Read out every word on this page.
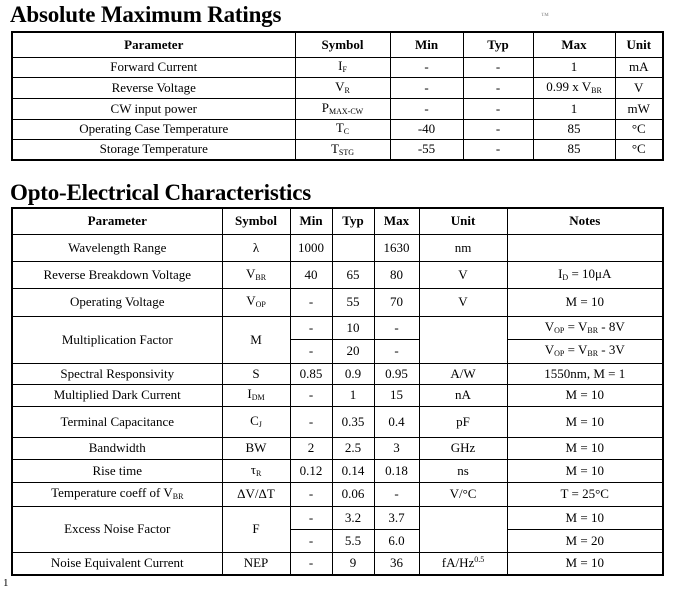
Absolute Maximum Ratings	™
Parameter	Symbol	Min	Typ	Max	Unit
Forward Current	$I_F$	-	-	1	mA
Reverse Voltage	$V_R$	-	-	0.99 x $V_{BR}$	V
CW input power	$P_{MAX-CW}$	-	-	1	mW
Operating Case Temperature	$T_C$	-40	-	85	°C
Storage Temperature	$T_{STG}$	-55	-	85	°C
Opto-Electrical Characteristics
Parameter	Symbol	Min	Typ	Max	Unit	Notes
Wavelength Range	λ	1000		1630	nm	
Reverse Breakdown Voltage	$V_{BR}$	40	65	80	V	$I_D = 10\mu A$
Operating Voltage	$V_{OP}$	-	55	70	V	M = 10
Multiplication Factor	M	-	10	-		$V_{OP} = V_{BR} - 8V$
		-	20	-		$V_{OP} = V_{BR} - 3V$
Spectral Responsivity	S	0.85	0.9	0.95	A/W	1550nm, M = 1
Multiplied Dark Current	$I_{DM}$	-	1	15	nA	M = 10
Terminal Capacitance	$C_J$	-	0.35	0.4	pF	M = 10
Bandwidth	BW	2	2.5	3	GHz	M = 10
Rise time	$\tau_R$	0.12	0.14	0.18	ns	M = 10
Temperature coeff of $V_{BR}$	ΔV/ΔT	-	0.06	-	V/°C	T = 25°C
Excess Noise Factor	F	-	3.2	3.7		M = 10
		-	5.5	6.0		M = 20
Noise Equivalent Current	NEP	-	9	36	$fA/Hz^{0.5}$	M = 10
1
